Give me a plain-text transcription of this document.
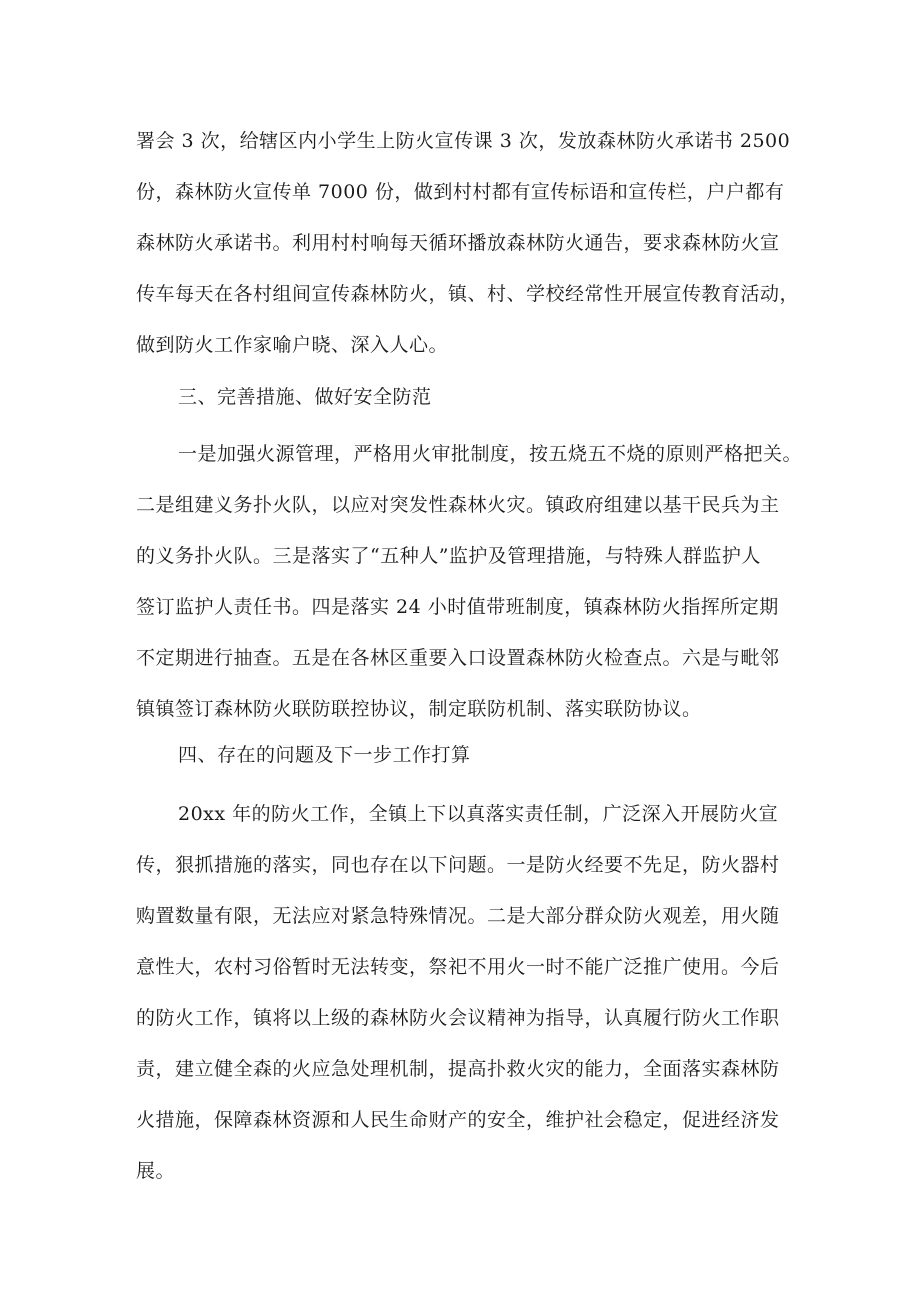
署会 3 次，给辖区内小学生上防火宣传课 3 次，发放森林防火承诺书 2500
份，森林防火宣传单 7000 份，做到村村都有宣传标语和宣传栏，户户都有
森林防火承诺书。利用村村响每天循环播放森林防火通告，要求森林防火宣
传车每天在各村组间宣传森林防火，镇、村、学校经常性开展宣传教育活动，
做到防火工作家喻户晓、深入人心。
三、完善措施、做好安全防范
一是加强火源管理，严格用火审批制度，按五烧五不烧的原则严格把关。
二是组建义务扑火队，以应对突发性森林火灾。镇政府组建以基干民兵为主
的义务扑火队。三是落实了“五种人”监护及管理措施，与特殊人群监护人
签订监护人责任书。四是落实 24 小时值带班制度，镇森林防火指挥所定期
不定期进行抽查。五是在各林区重要入口设置森林防火检查点。六是与毗邻
镇镇签订森林防火联防联控协议，制定联防机制、落实联防协议。
四、存在的问题及下一步工作打算
20xx 年的防火工作，全镇上下以真落实责任制，广泛深入开展防火宣
传，狠抓措施的落实，同也存在以下问题。一是防火经要不先足，防火器村
购置数量有限，无法应对紧急特殊情况。二是大部分群众防火观差，用火随
意性大，农村习俗暂时无法转变，祭祀不用火一时不能广泛推广使用。今后
的防火工作，镇将以上级的森林防火会议精神为指导，认真履行防火工作职
责，建立健全森的火应急处理机制，提高扑救火灾的能力，全面落实森林防
火措施，保障森林资源和人民生命财产的安全，维护社会稳定，促进经济发
展。
